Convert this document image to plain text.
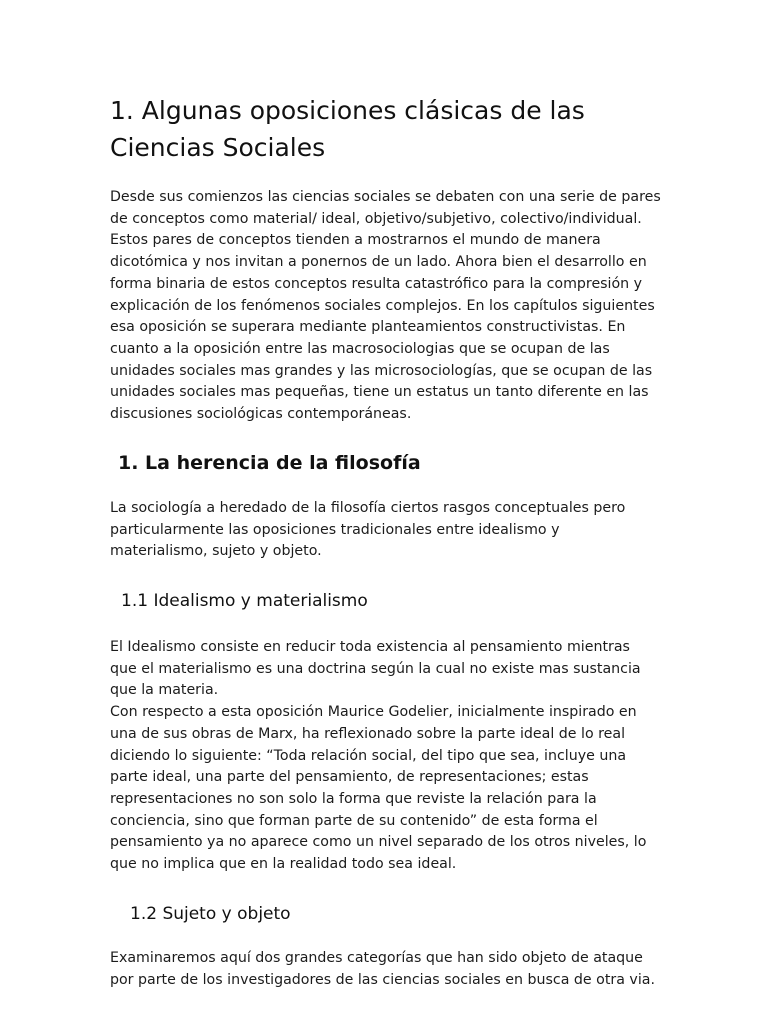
1. Algunas oposiciones clásicas de las
Ciencias Sociales

Desde sus comienzos las ciencias sociales se debaten con una serie de pares
de conceptos como material/ ideal, objetivo/subjetivo, colectivo/individual.
Estos pares de conceptos tienden a mostrarnos el mundo de manera
dicotómica y nos invitan a ponernos de un lado. Ahora bien el desarrollo en
forma binaria de estos conceptos resulta catastrófico para la compresión y
explicación de los fenómenos sociales complejos. En los capítulos siguientes
esa oposición se superara mediante planteamientos constructivistas. En
cuanto a la oposición entre las macrosociologias que se ocupan de las
unidades sociales mas grandes y las microsociologías, que se ocupan de las
unidades sociales mas pequeñas, tiene un estatus un tanto diferente en las
discusiones sociológicas contemporáneas.

1. La herencia de la filosofía

La sociología a heredado de la filosofía ciertos rasgos conceptuales pero
particularmente las oposiciones tradicionales entre idealismo y
materialismo, sujeto y objeto.

1.1 Idealismo y materialismo

El Idealismo consiste en reducir toda existencia al pensamiento mientras
que el materialismo es una doctrina según la cual no existe mas sustancia
que la materia.
Con respecto a esta oposición Maurice Godelier, inicialmente inspirado en
una de sus obras de Marx, ha reflexionado sobre la parte ideal de lo real
diciendo lo siguiente: “Toda relación social, del tipo que sea, incluye una
parte ideal, una parte del pensamiento, de representaciones; estas
representaciones no son solo la forma que reviste la relación para la
conciencia, sino que forman parte de su contenido” de esta forma el
pensamiento ya no aparece como un nivel separado de los otros niveles, lo
que no implica que en la realidad todo sea ideal.

1.2 Sujeto y objeto

Examinaremos aquí dos grandes categorías que han sido objeto de ataque
por parte de los investigadores de las ciencias sociales en busca de otra via.
